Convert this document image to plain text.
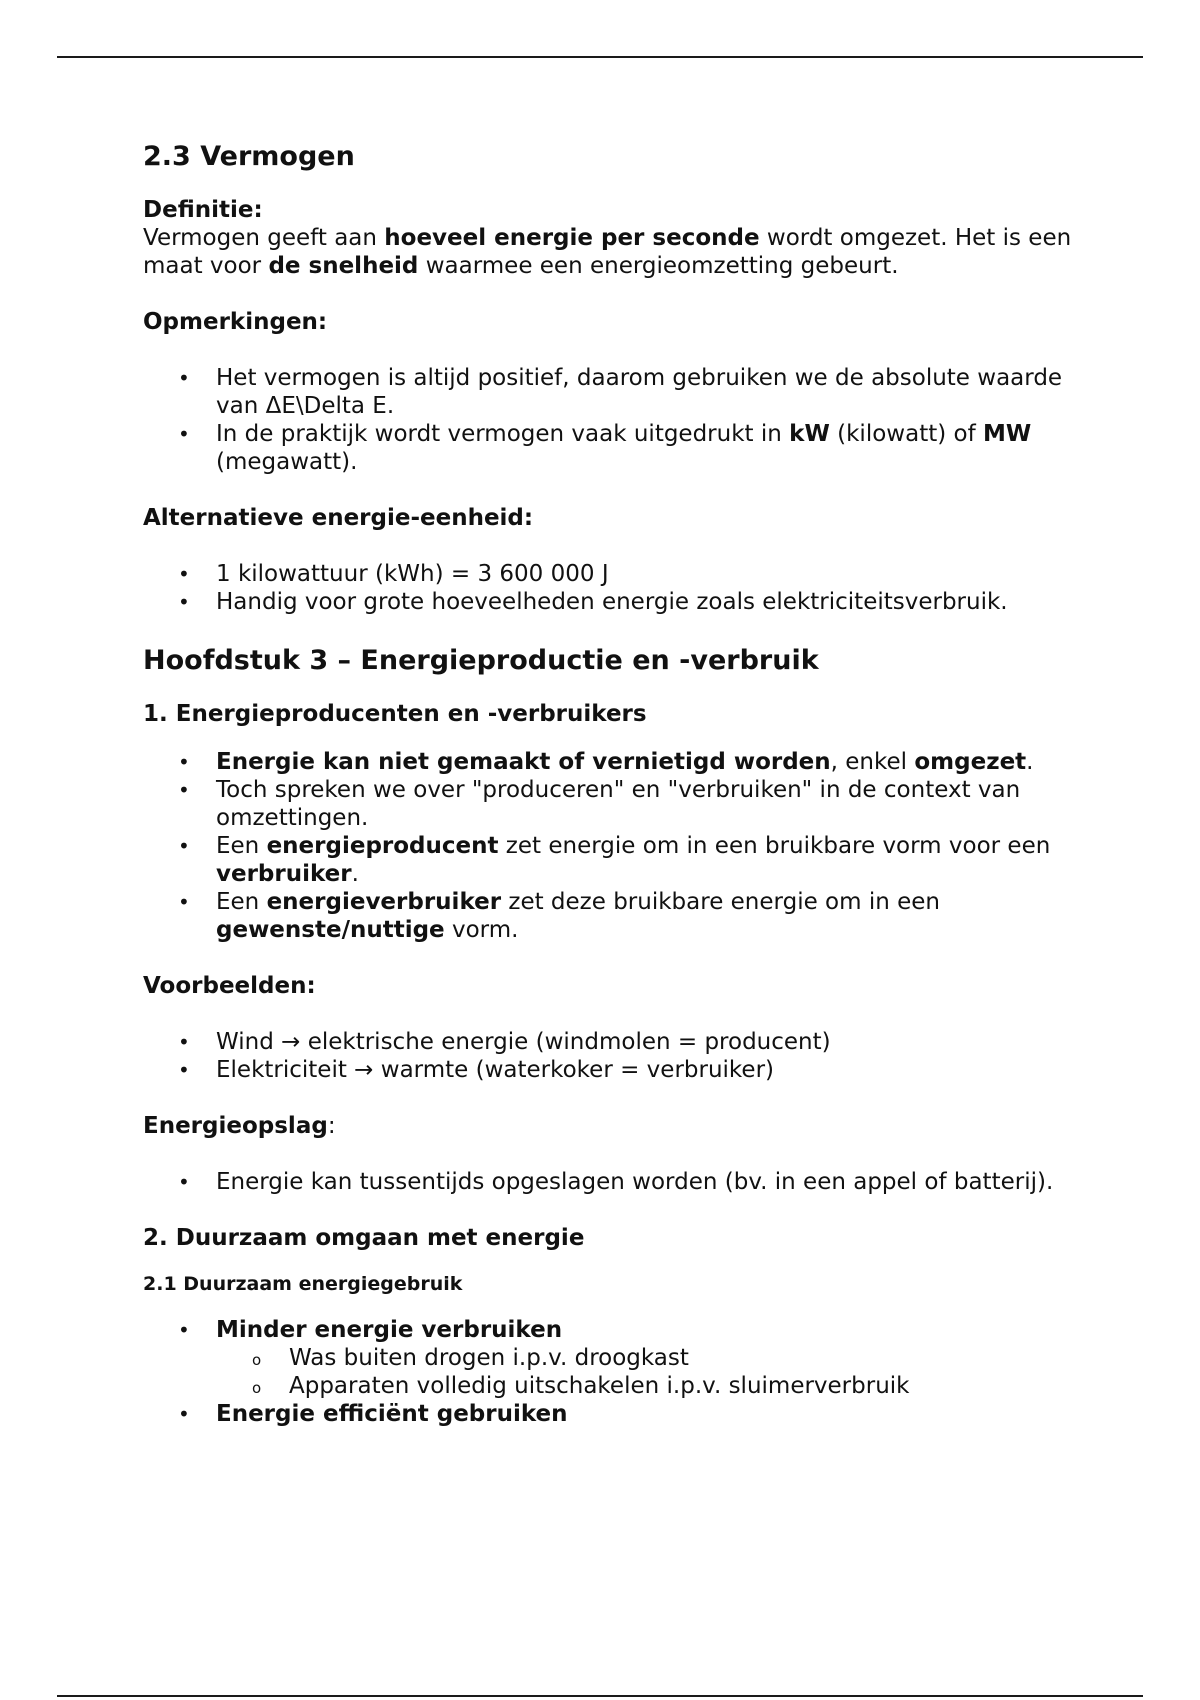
2.3 Vermogen
Definitie:

Vermogen geeft aan hoeveel energie per seconde wordt omgezet. Het is een maat voor de snelheid waarmee een energieomzetting gebeurt.

Opmerkingen:
• Het vermogen is altijd positief, daarom gebruiken we de absolute waarde van ΔE\Delta E.
• In de praktijk wordt vermogen vaak uitgedrukt in kW (kilowatt) of MW (megawatt).
Alternatieve energie-eenheid:
• 1 kilowattuur (kWh) = 3 600 000 J
• Handig voor grote hoeveelheden energie zoals elektriciteitsverbruik.
Hoofdstuk 3 – Energieproductie en -verbruik
1. Energieproducenten en -verbruikers
• Energie kan niet gemaakt of vernietigd worden, enkel omgezet.
• Toch spreken we over "produceren" en "verbruiken" in de context van omzettingen.
• Een energieproducent zet energie om in een bruikbare vorm voor een verbruiker.
• Een energieverbruiker zet deze bruikbare energie om in een gewenste/nuttige vorm.
Voorbeelden:
• Wind → elektrische energie (windmolen = producent)
• Elektriciteit → warmte (waterkoker = verbruiker)
Energieopslag:
• Energie kan tussentijds opgeslagen worden (bv. in een appel of batterij).
2. Duurzaam omgaan met energie
2.1 Duurzaam energiegebruik
• Minder energie verbruiken
o Was buiten drogen i.p.v. droogkast
o Apparaten volledig uitschakelen i.p.v. sluimerverbruik
• Energie efficiënt gebruiken
